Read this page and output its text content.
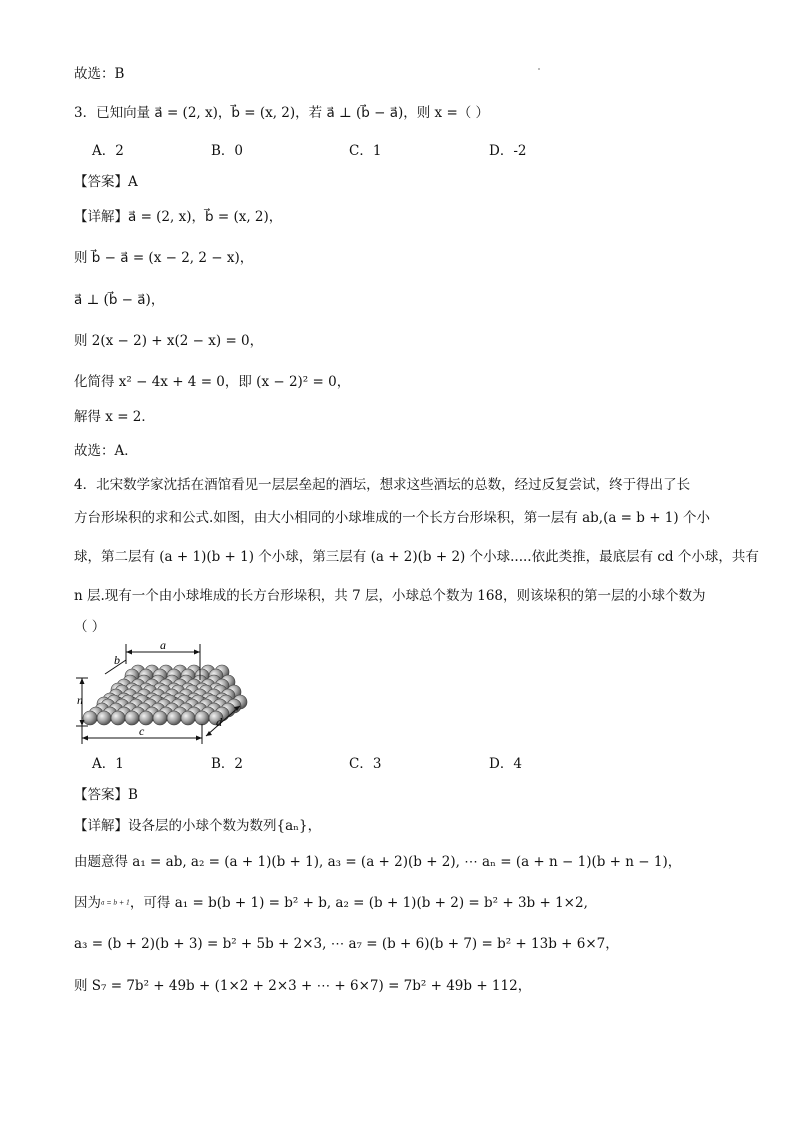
故选：B
3．已知向量 a⃗ = (2, x)，b⃗ = (x, 2)，若 a⃗ ⊥ (b⃗ − a⃗)，则 x =（ ）
A．2	B．0	C．1	D．-2
【答案】A
【详解】a⃗ = (2, x)，b⃗ = (x, 2)，
则 b⃗ − a⃗ = (x − 2, 2 − x)，
a⃗ ⊥ (b⃗ − a⃗)，
则 2(x − 2) + x(2 − x) = 0，
化简得 x² − 4x + 4 = 0，即 (x − 2)² = 0，
解得 x = 2．
故选：A．
4．北宋数学家沈括在酒馆看见一层层垒起的酒坛，想求这些酒坛的总数，经过反复尝试，终于得出了长
方台形垛积的求和公式.如图，由大小相同的小球堆成的一个长方台形垛积，第一层有 ab,(a = b + 1) 个小
球，第二层有 (a + 1)(b + 1) 个小球，第三层有 (a + 2)(b + 2) 个小球.....依此类推，最底层有 cd 个小球，共有
n 层.现有一个由小球堆成的长方台形垛积，共 7 层，小球总个数为 168，则该垛积的第一层的小球个数为
（ ）
a
b
n
c
d
A．1	B．2	C．3	D．4
【答案】B
【详解】设各层的小球个数为数列{aₙ}，
由题意得 a₁ = ab, a₂ = (a + 1)(b + 1), a₃ = (a + 2)(b + 2), ⋯ aₙ = (a + n − 1)(b + n − 1)，
因为a = b + 1，可得 a₁ = b(b + 1) = b² + b, a₂ = (b + 1)(b + 2) = b² + 3b + 1×2,
a₃ = (b + 2)(b + 3) = b² + 5b + 2×3, ⋯ a₇ = (b + 6)(b + 7) = b² + 13b + 6×7，
则 S₇ = 7b² + 49b + (1×2 + 2×3 + ⋯ + 6×7) = 7b² + 49b + 112，
